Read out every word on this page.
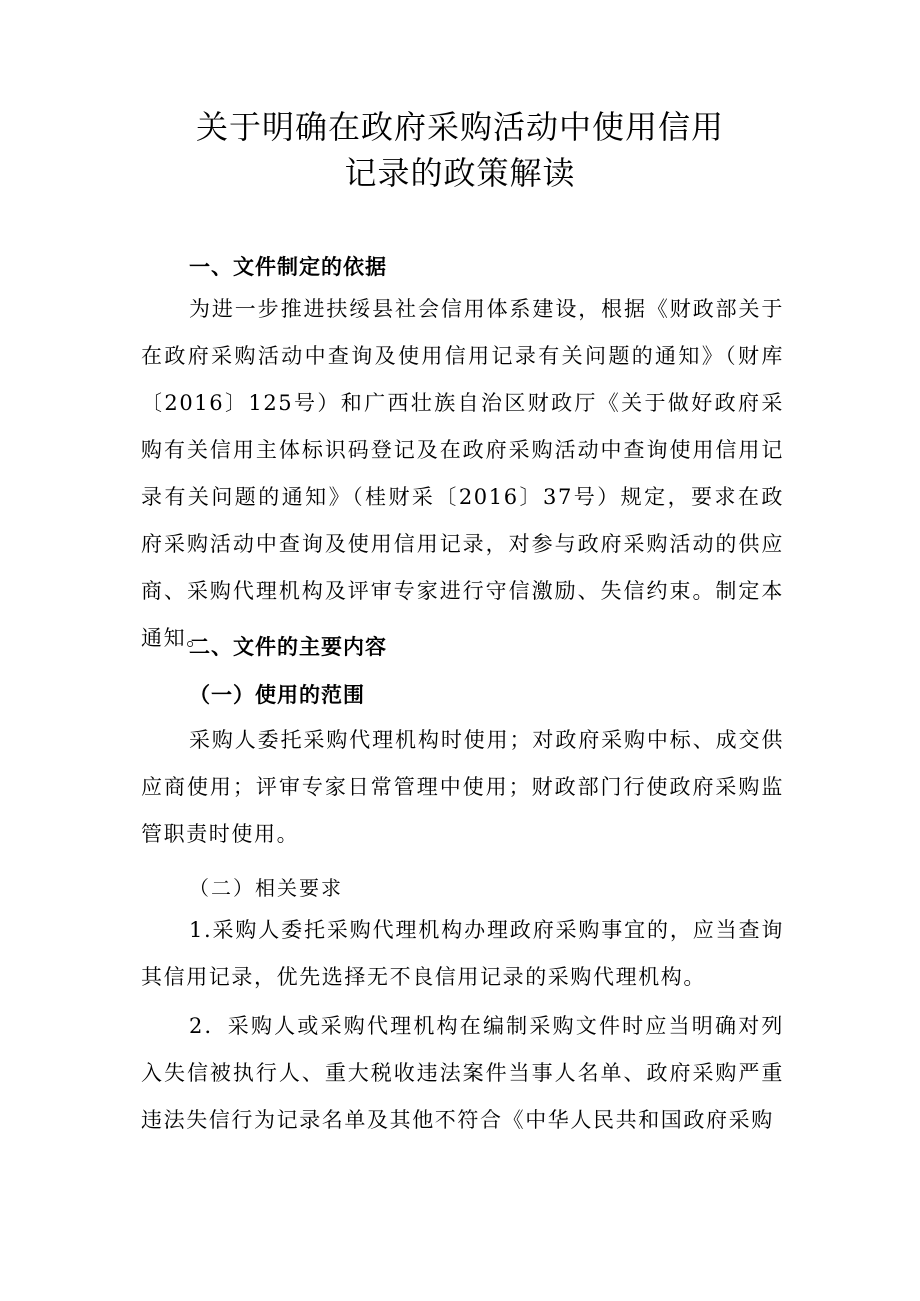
关于明确在政府采购活动中使用信用
记录的政策解读
一、文件制定的依据

为进一步推进扶绥县社会信用体系建设，根据《财政部关于在政府采购活动中查询及使用信用记录有关问题的通知》（财库〔2016〕125号）和广西壮族自治区财政厅《关于做好政府采购有关信用主体标识码登记及在政府采购活动中查询使用信用记录有关问题的通知》（桂财采〔2016〕37号）规定，要求在政府采购活动中查询及使用信用记录，对参与政府采购活动的供应商、采购代理机构及评审专家进行守信激励、失信约束。制定本通知。

二、文件的主要内容
（一）使用的范围

采购人委托采购代理机构时使用；对政府采购中标、成交供应商使用；评审专家日常管理中使用；财政部门行使政府采购监管职责时使用。

（二）相关要求

1.采购人委托采购代理机构办理政府采购事宜的，应当查询其信用记录，优先选择无不良信用记录的采购代理机构。

2．采购人或采购代理机构在编制采购文件时应当明确对列入失信被执行人、重大税收违法案件当事人名单、政府采购严重违法失信行为记录名单及其他不符合《中华人民共和国政府采购
